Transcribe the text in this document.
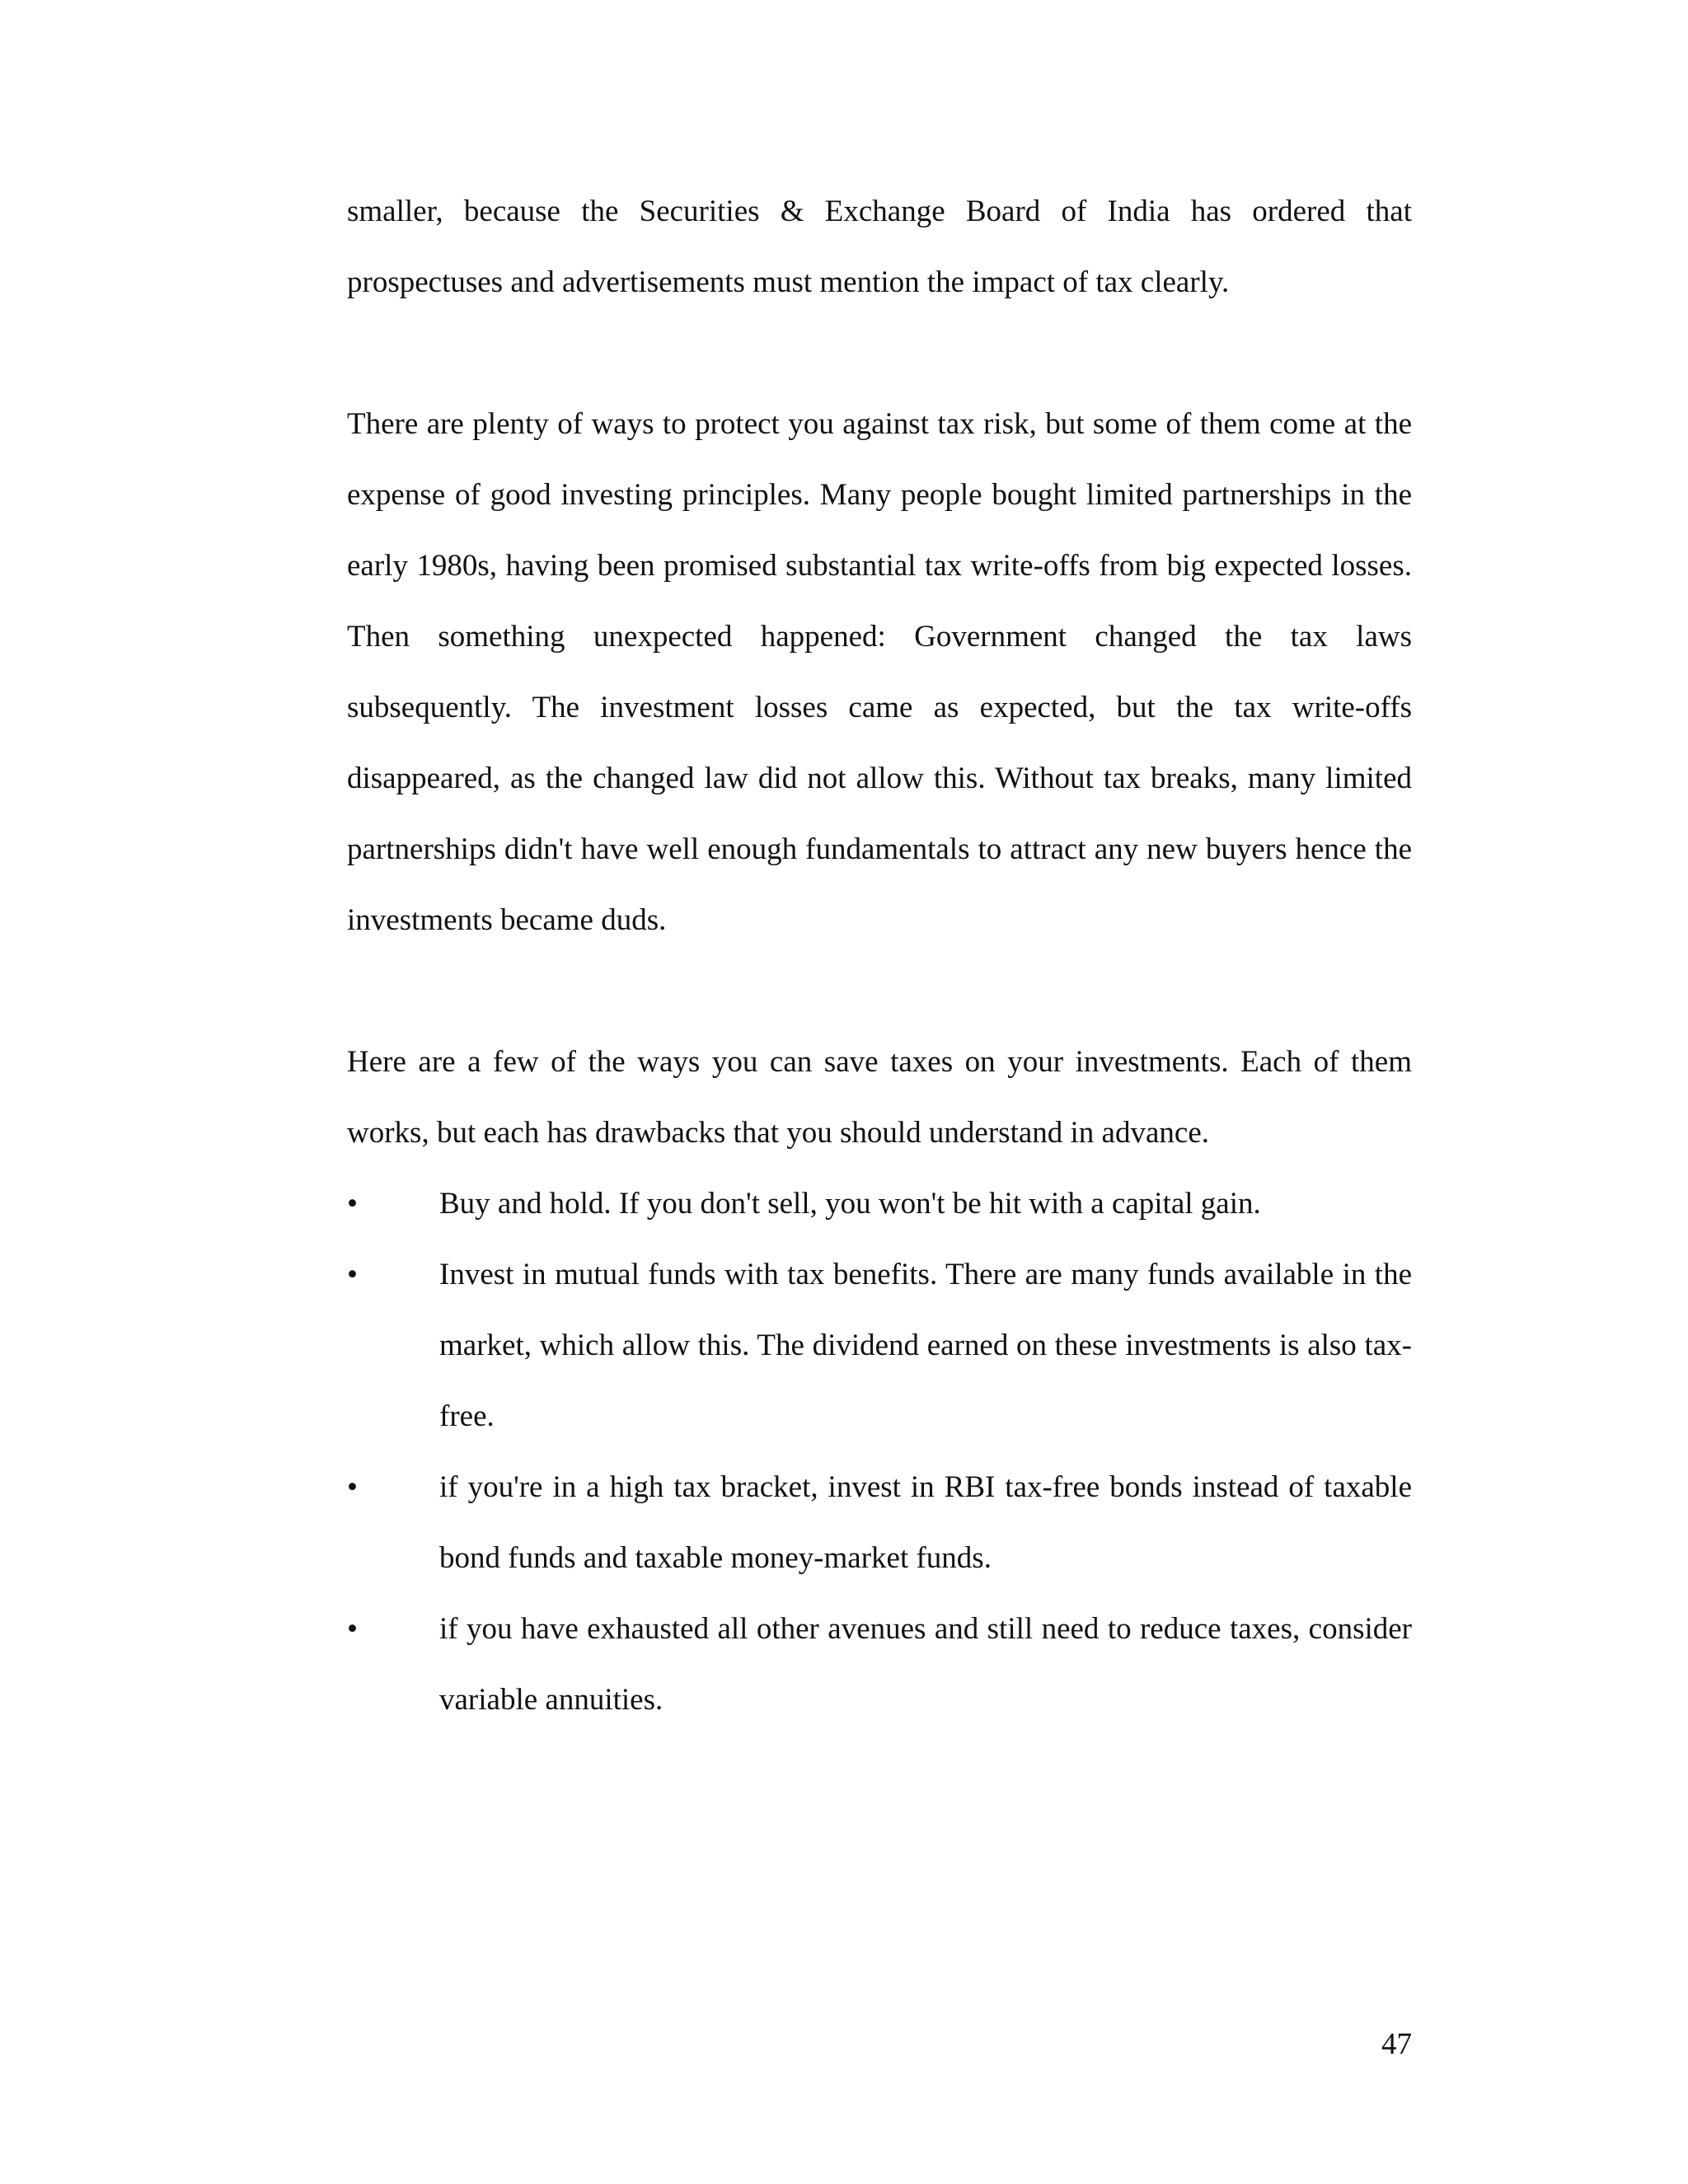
smaller, because the Securities & Exchange Board of India has ordered that prospectuses and advertisements must mention the impact of tax clearly.

There are plenty of ways to protect you against tax risk, but some of them come at the expense of good investing principles. Many people bought limited partnerships in the early 1980s, having been promised substantial tax write-offs from big expected losses. Then something unexpected happened: Government changed the tax laws subsequently. The investment losses came as expected, but the tax write-offs disappeared, as the changed law did not allow this. Without tax breaks, many limited partnerships didn't have well enough fundamentals to attract any new buyers hence the investments became duds.

Here are a few of the ways you can save taxes on your investments. Each of them works, but each has drawbacks that you should understand in advance.

•	Buy and hold. If you don't sell, you won't be hit with a capital gain.
•	Invest in mutual funds with tax benefits. There are many funds available in the market, which allow this. The dividend earned on these investments is also tax-free.
•	if you're in a high tax bracket, invest in RBI tax-free bonds instead of taxable bond funds and taxable money-market funds.
•	if you have exhausted all other avenues and still need to reduce taxes, consider variable annuities.
47
